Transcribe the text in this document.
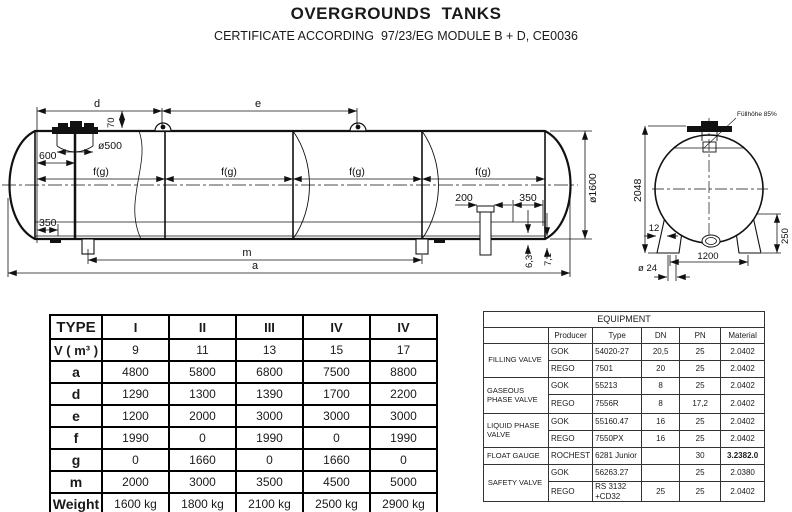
OVERGROUNDS  TANKS
CERTIFICATE ACCORDING  97/23/EG MODULE B + D, CE0036
d	e
70
ø500
600
f(g)	f(g)	f(g)	f(g)
350
200	350
6,3 7,1
ø1600
m
a
Füllhöhe 85%
2048
250
12
1200
ø 24
TYPE	I	II	III	IV	IV
V ( m³ )	9	11	13	15	17
a	4800	5800	6800	7500	8800
d	1290	1300	1390	1700	2200
e	1200	2000	3000	3000	3000
f	1990	0	1990	0	1990
g	0	1660	0	1660	0
m	2000	3000	3500	4500	5000
Weight	1600 kg	1800 kg	2100 kg	2500 kg	2900 kg
EQUIPMENT					
	Producer	Type	DN	PN	Material
FILLING VALVE	GOK	54020-27	20,5	25	2.0402
	REGO	7501	20	25	2.0402
GASEOUS PHASE VALVE	GOK	55213	8	25	2.0402
	REGO	7556R	8	17,2	2.0402
LIQUID PHASE VALVE	GOK	55160.47	16	25	2.0402
	REGO	7550PX	16	25	2.0402
FLOAT GAUGE	ROCHEST	6281 Junior		30	3.2382.0
SAFETY VALVE	GOK	56263.27		25	2.0380
	REGO	RS 3132 +CD32	25	25	2.0402
